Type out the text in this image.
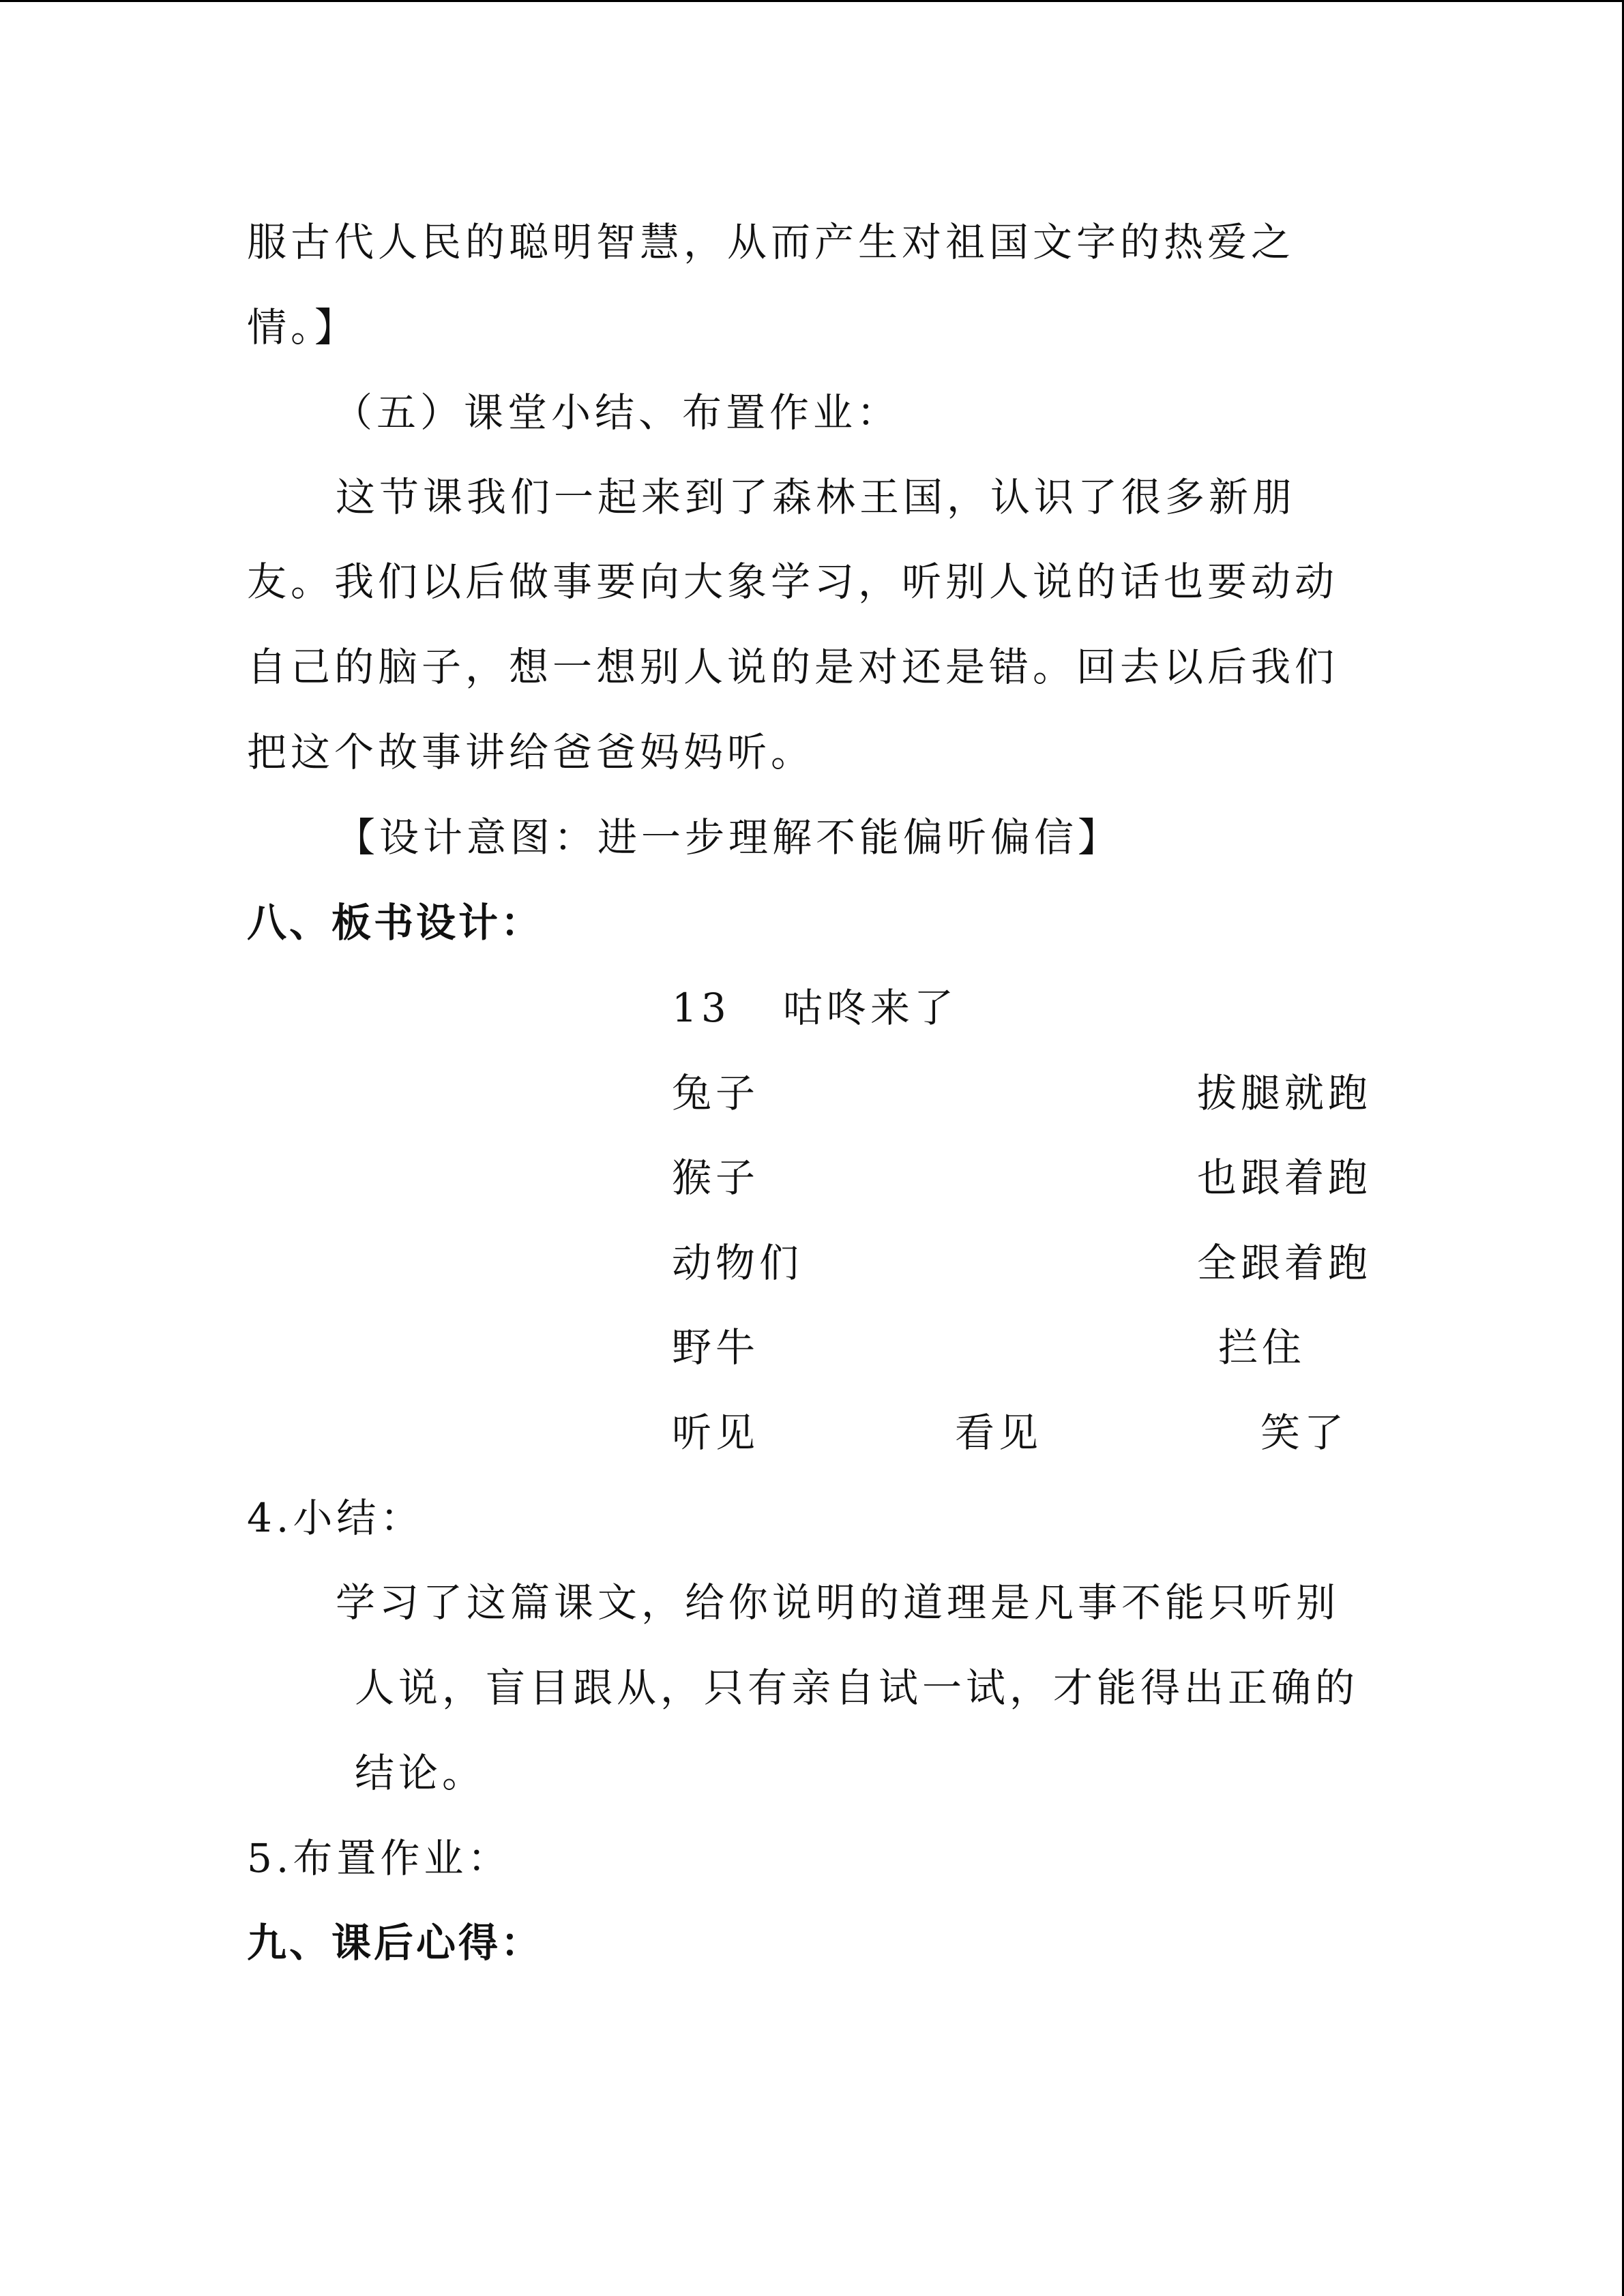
服古代人民的聪明智慧，从而产生对祖国文字的热爱之
情。】
（五）课堂小结、布置作业：
这节课我们一起来到了森林王国，认识了很多新朋
友。我们以后做事要向大象学习，听别人说的话也要动动
自己的脑子，想一想别人说的是对还是错。回去以后我们
把这个故事讲给爸爸妈妈听。
【设计意图：进一步理解不能偏听偏信】
八、板书设计：
13 咕咚来了
兔子	拔腿就跑
猴子	也跟着跑
动物们	全跟着跑
野牛	拦住
听见	看见	笑了
4.小结：
学习了这篇课文，给你说明的道理是凡事不能只听别
人说，盲目跟从，只有亲自试一试，才能得出正确的
结论。
5.布置作业：
九、课后心得：
